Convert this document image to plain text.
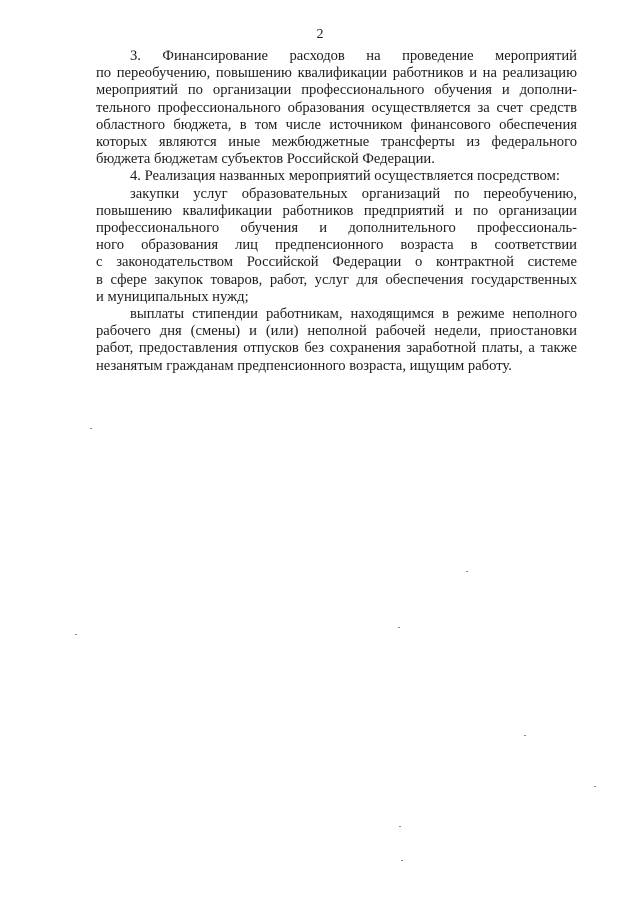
2
3. Финансирование расходов на проведение мероприятий
по переобучению, повышению квалификации работников и на реализацию
мероприятий по организации профессионального обучения и дополни-
тельного профессионального образования осуществляется за счет средств
областного бюджета, в том числе источником финансового обеспечения
которых являются иные межбюджетные трансферты из федерального
бюджета бюджетам субъектов Российской Федерации.
4. Реализация названных мероприятий осуществляется посредством:
закупки услуг образовательных организаций по переобучению,
повышению квалификации работников предприятий и по организации
профессионального обучения и дополнительного профессиональ-
ного образования лиц предпенсионного возраста в соответствии
с законодательством Российской Федерации о контрактной системе
в сфере закупок товаров, работ, услуг для обеспечения государственных
и муниципальных нужд;
выплаты стипендии работникам, находящимся в режиме неполного
рабочего дня (смены) и (или) неполной рабочей недели, приостановки
работ, предоставления отпусков без сохранения заработной платы, а также
незанятым гражданам предпенсионного возраста, ищущим работу.
